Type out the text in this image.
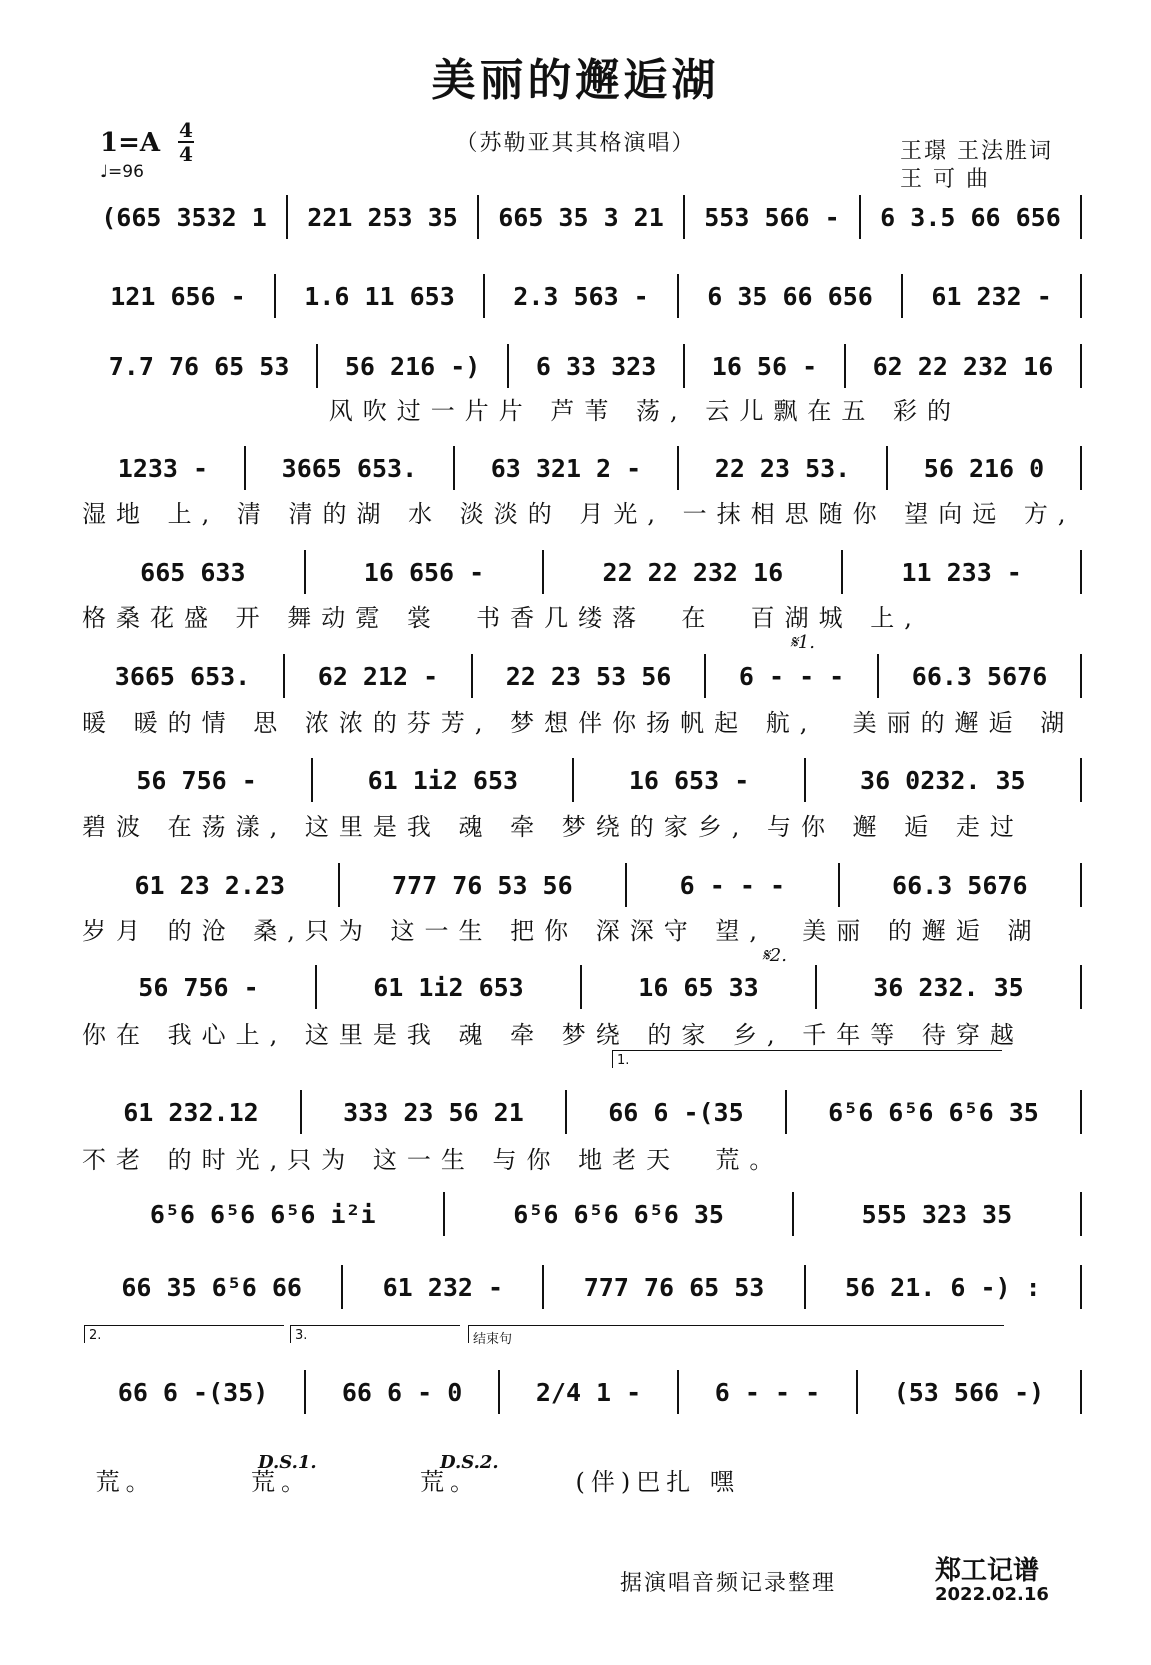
美丽的邂逅湖
（苏勒亚其其格演唱）
1=A 4
4
♩=96
王璟 王法胜词
王 可 曲
(665 3532 1	221 253 35	665 35 3 21	553 566 -	6 3.5 66 656
121 656 -	1.6 11 653	2.3 563 -	6 35 66 656	61 232 -
7.7 76 65 53	56 216 -)	6 33 323	16 56 -	62 22 232 16
1233 -	3665 653.	63 321 2 -	22 23 53.	56 216 0
665 633	16 656 -	22 22 232 16	11 233 -
3665 653.	62 212 -	22 23 53 56	6 - - -	66.3 5676
56 756 -	61 1i2 653	16 653 -	36 0232. 35
61 23 2.23	777 76 53 56	6 - - -	66.3 5676
56 756 -	61 1i2 653	16 65 33	36 232. 35
61 232.12	333 23 56 21	66 6 -(35	6⁵6 6⁵6 6⁵6 35
6⁵6 6⁵6 6⁵6 i²i	6⁵6 6⁵6 6⁵6 35	555 323 35
66 35 6⁵6 66	61 232 -	777 76 65 53	56 21. 6 -) :
66 6 -(35)	66 6 - 0	2/4 1 -	6 - - -	(53 566 -)
风吹过一片片 芦苇 荡, 云儿飘在五 彩的
湿地 上, 清 清的湖 水 淡淡的 月光, 一抹相思随你 望向远 方,
格桑花盛 开 舞动霓 裳  书香几缕落  在  百湖城 上,
暖 暖的情 思 浓浓的芬芳, 梦想伴你扬帆起 航,  美丽的邂逅 湖
碧波 在荡漾, 这里是我 魂 牵 梦绕的家乡, 与你 邂 逅 走过
岁月 的沧 桑,只为 这一生 把你 深深守 望,  美丽 的邂逅 湖
你在 我心上, 这里是我 魂 牵 梦绕 的家 乡, 千年等 待穿越
不老 的时光,只为 这一生 与你 地老天  荒。
荒。       荒。        荒。       (伴)巴扎 嘿
1.
2.	3.	结束句
𝄋1.
𝄋2.
D.S.1.	D.S.2.
据演唱音频记录整理	郑工记谱
2022.02.16
